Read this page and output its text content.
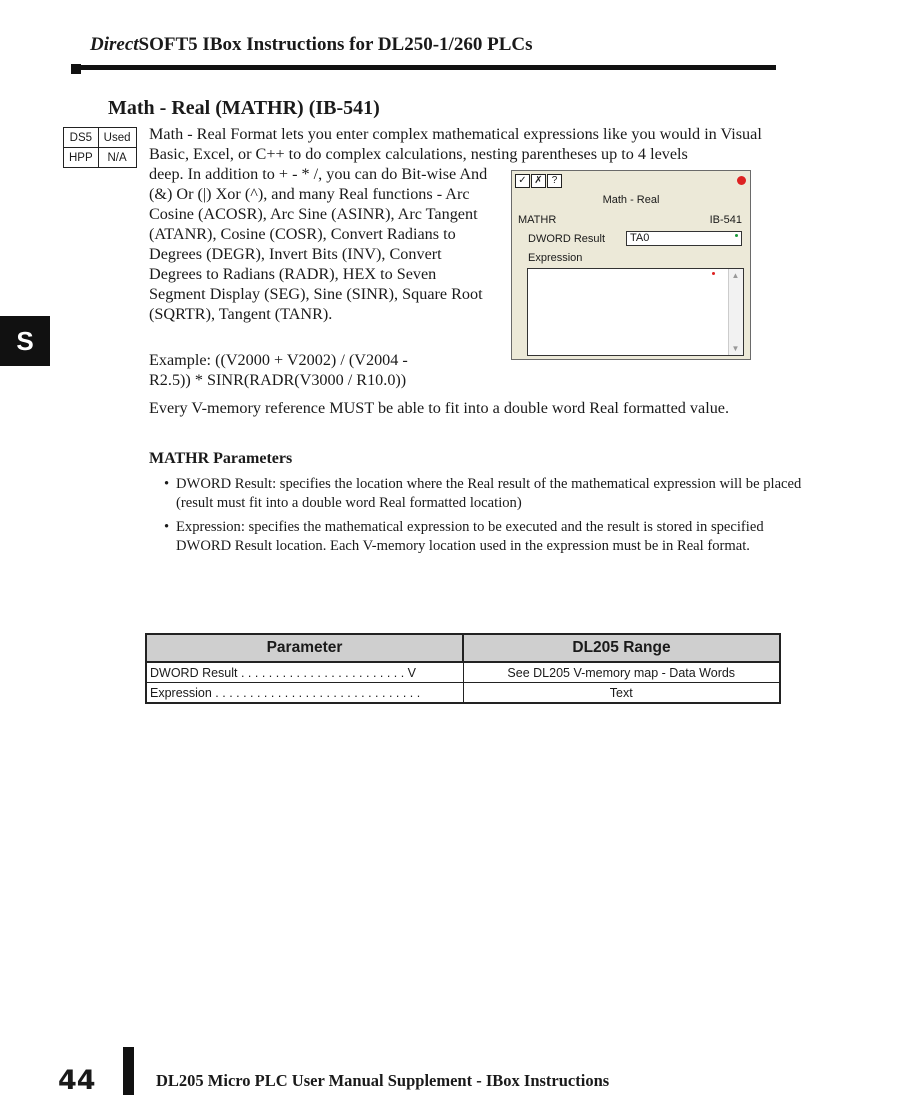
DirectSOFT5 IBox Instructions for DL250-1/260 PLCs
S
Math - Real (MATHR) (IB-541)
DS5	Used
HPP	N/A
Math - Real Format lets you enter complex mathematical expressions like you would in Visual Basic, Excel, or C++ to do complex calculations, nesting parentheses up to 4 levels
deep. In addition to + - * /, you can do Bit-wise And (&) Or (|) Xor (^), and many Real functions - Arc Cosine (ACOSR), Arc Sine (ASINR), Arc Tangent (ATANR), Cosine (COSR), Convert Radians to Degrees (DEGR), Invert Bits (INV), Convert Degrees to Radians (RADR), HEX to Seven Segment Display (SEG), Sine (SINR), Square Root (SQRTR), Tangent (TANR).
Example: ((V2000 + V2002) / (V2004 - R2.5)) * SINR(RADR(V3000 / R10.0))
Every V-memory reference MUST be able to fit into a double word Real formatted value.
✓ ✗ ?
Math - Real
MATHR	IB-541
DWORD Result	TA0
Expression
▲
▼
MATHR Parameters
• DWORD Result: specifies the location where the Real result of the mathematical expression will be placed (result must fit into a double word Real formatted location)
• Expression: specifies the mathematical expression to be executed and the result is stored in specified DWORD Result location. Each V-memory location used in the expression must be in Real format.
Parameter	DL205 Range
DWORD Result . . . . . . . . . . . . . . . . . . . . . . . . V	See DL205 V-memory map - Data Words
Expression . . . . . . . . . . . . . . . . . . . . . . . . . . . . . .	Text
44	DL205 Micro PLC User Manual Supplement - IBox Instructions
